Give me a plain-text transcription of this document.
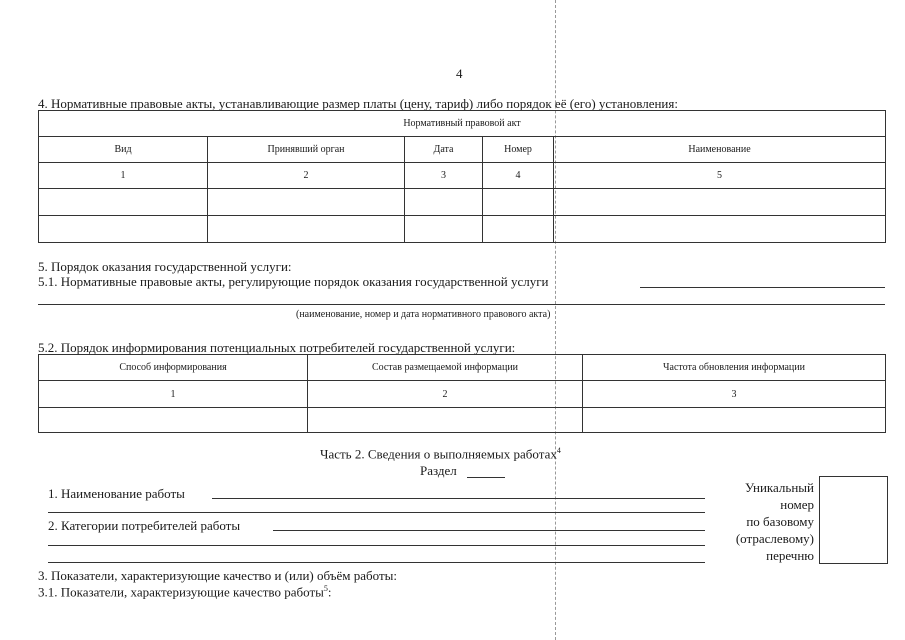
4
4. Нормативные правовые акты, устанавливающие размер платы (цену, тариф) либо порядок её (его) установления:
Нормативный правовой акт				
Вид	Принявший орган	Дата	Номер	Наименование
1	2	3	4	5

5. Порядок оказания государственной услуги:
5.1. Нормативные правовые акты, регулирующие порядок оказания государственной услуги
(наименование, номер и дата нормативного правового акта)
5.2. Порядок информирования потенциальных потребителей государственной услуги:
Способ информирования	Состав размещаемой информации	Частота обновления информации
1	2	3

Часть 2. Сведения о выполняемых работах$^4$
Раздел
1. Наименование работы
2. Категории потребителей работы
Уникальный
номер
по базовому
(отраслевому)
перечню
3. Показатели, характеризующие качество и (или) объём работы:
3.1. Показатели, характеризующие качество работы$^5$:
